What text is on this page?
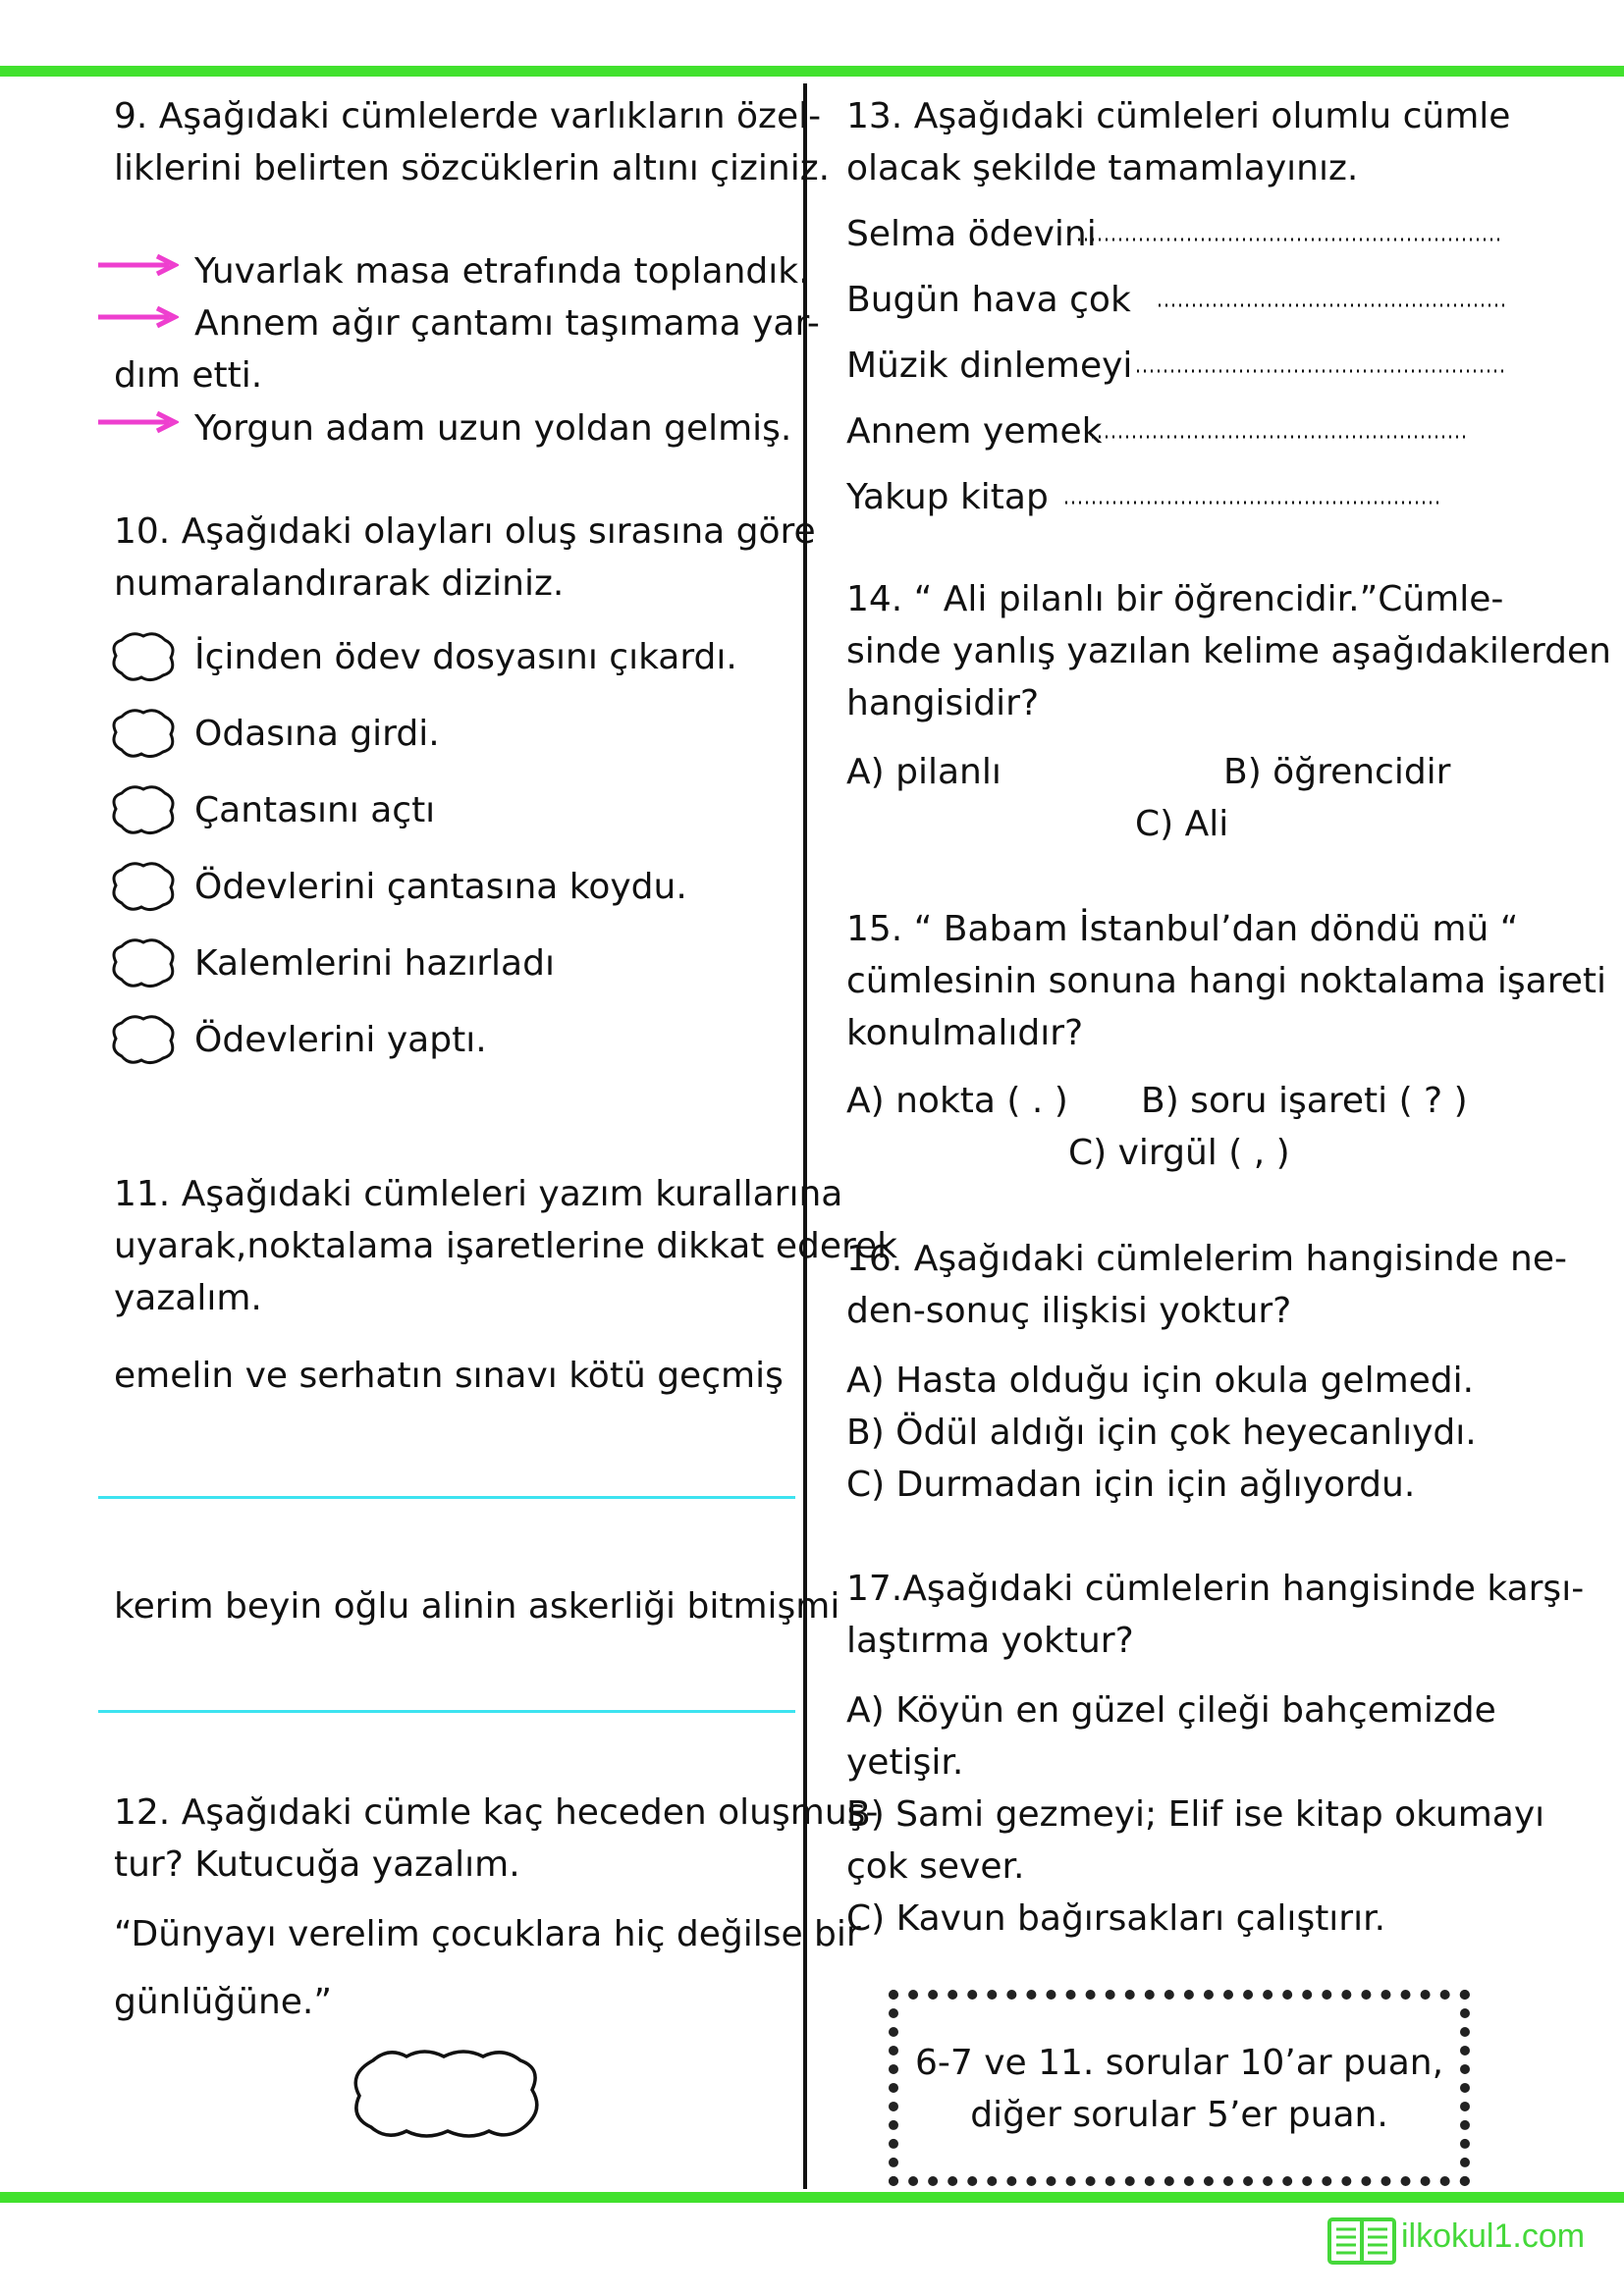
9. Aşağıdaki cümlelerde varlıkların özel-
liklerini belirten sözcüklerin altını çiziniz.
Yuvarlak masa etrafında toplandık.
Annem ağır çantamı taşımama yar-
dım etti.
Yorgun adam uzun yoldan gelmiş.
10. Aşağıdaki olayları oluş sırasına göre
numaralandırarak diziniz.
İçinden ödev dosyasını çıkardı.
Odasına girdi.
Çantasını açtı
Ödevlerini çantasına koydu.
Kalemlerini hazırladı
Ödevlerini yaptı.
11. Aşağıdaki cümleleri yazım kurallarına
uyarak,noktalama işaretlerine dikkat ederek
yazalım.
emelin ve serhatın sınavı kötü geçmiş
kerim beyin oğlu alinin askerliği bitmişmi
12. Aşağıdaki cümle kaç heceden oluşmuş-
tur? Kutucuğa yazalım.
“Dünyayı verelim çocuklara hiç değilse bir
günlüğüne.”
13. Aşağıdaki cümleleri olumlu cümle
olacak şekilde tamamlayınız.
Selma ödevini
Bugün hava çok
Müzik dinlemeyi
Annem yemek
Yakup kitap
14. “ Ali pilanlı bir öğrencidir.”Cümle-
sinde yanlış yazılan kelime aşağıdakilerden
hangisidir?
A) pilanlı	B) öğrencidir
C) Ali
15. “ Babam İstanbul’dan döndü mü “
cümlesinin sonuna hangi noktalama işareti
konulmalıdır?
A) nokta ( . ) B) soru işareti ( ? )
C) virgül ( , )
16. Aşağıdaki cümlelerim hangisinde ne-
den-sonuç ilişkisi yoktur?
A) Hasta olduğu için okula gelmedi.
B) Ödül aldığı için çok heyecanlıydı.
C) Durmadan için için ağlıyordu.
17.Aşağıdaki cümlelerin hangisinde karşı-
laştırma yoktur?
A) Köyün en güzel çileği bahçemizde
yetişir.
B) Sami gezmeyi; Elif ise kitap okumayı
çok sever.
C) Kavun bağırsakları çalıştırır.
6-7 ve 11. sorular 10’ar puan,
diğer sorular 5’er puan.
ilkokul1.com
